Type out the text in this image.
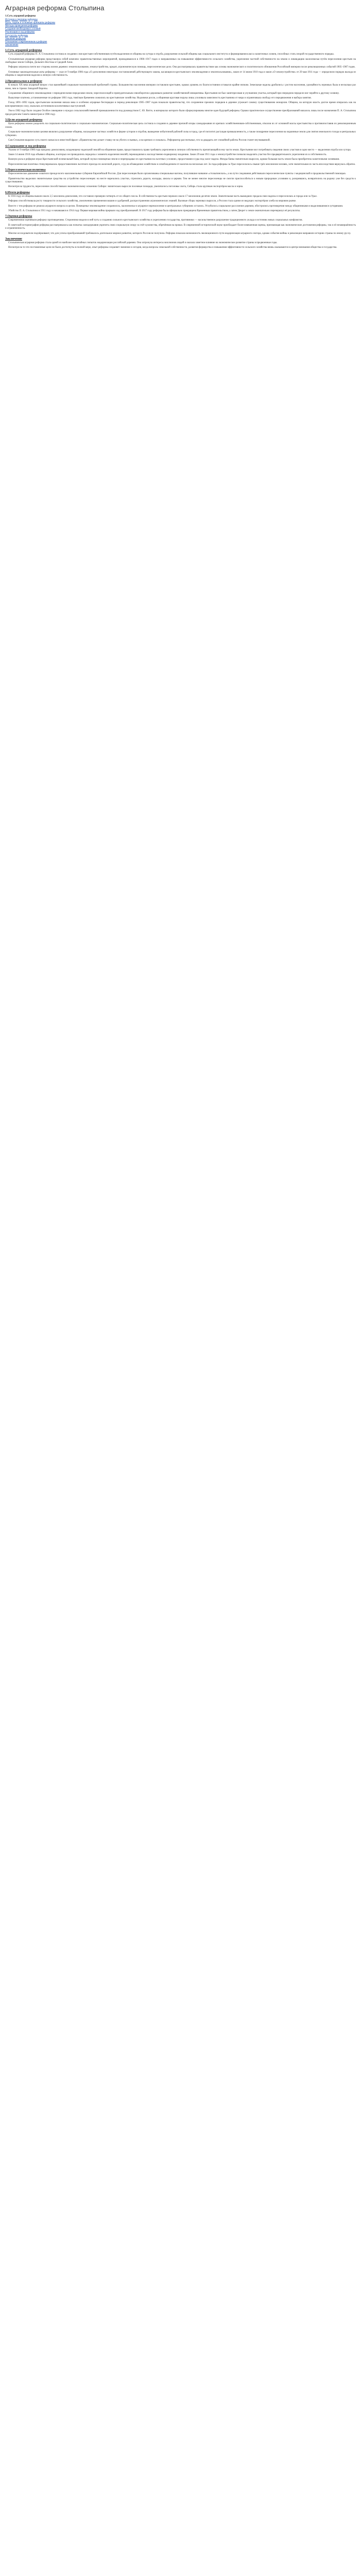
Аграрная реформа Столыпина
1.Суть аграрной реформы
История и причины реформы
Цели, задачи и основные принципы реформы
Методы проведения реформы
Создание необходимых условий
Реализация и ход реформы
Результаты реформы
Значение реформы
Отношение современников к реформе
Заключение
1.Суть аграрной реформы

Суть аграрной реформы П. А. Столыпина состояла в создании слоя крестьян-собственников путём выделения из общины на хутора и отруба, разрушения сельской общины как социального института и формирования класса зажиточных хозяев, способных стать опорой государственного порядка.

Столыпинская аграрная реформа представляла собой комплекс правительственных мероприятий, проводившихся в 1906–1917 годах и направленных на повышение эффективности сельского хозяйства, укрепление частной собственности на землю и ликвидацию малоземелья путём переселения крестьян на свободные земли Сибири, Дальнего Востока и Средней Азии.

Реформа затронула почти все стороны жизни деревни: землепользование, землеустройство, кредит, агрономическую помощь, переселенческое дело. Она рассматривалась правительством как основа экономического и политического обновления Российской империи после революционных событий 1905–1907 годов.

Основные законодательные акты реформы — указ от 9 ноября 1906 года «О дополнении некоторых постановлений действующего закона, касающихся крестьянского землевладения и землепользования», закон от 14 июня 1910 года и закон «О землеустройстве» от 29 мая 1911 года — определили порядок выхода из общины и закрепления наделов в личную собственность.

2.Предпосылки к реформе

К началу XX века аграрный вопрос стал важнейшей социально-экономической проблемой страны. Большинство населения империи составляли крестьяне, однако уровень их благосостояния оставался крайне низким. Земельные наделы дробились с ростом населения, урожайность зерновых была в несколько раз ниже, чем в странах Западной Европы.

Сохранение общинного землевладения с периодическими переделами земли, чересполосицей и принудительным севооборотом сдерживало развитие хозяйственной инициативы. Крестьянин не был заинтересован в улучшении участка, который при очередном переделе мог перейти к другому хозяину.

Выкупные платежи, установленные по реформе 1861 года, тяжёлым бременем ложились на крестьянские хозяйства. Недоимки росли, а общинная круговая порука лишь усиливала зависимость крестьянина от мира и ограничивала свободу его передвижения и выбора занятия.

Голод 1891–1892 годов, крестьянские волнения начала века и особенно аграрные беспорядки в период революции 1905–1907 годов показали правительству, что сохранение прежних порядков в деревне угрожает самому существованию монархии. Община, на которую власть долгое время опиралась как на консервативную силу, оказалась источником коллективных выступлений.

Уже в 1902 году было создано Особое совещание о нуждах сельскохозяйственной промышленности под руководством С. Ю. Витте, в материалах которого были сформулированы многие идеи будущей реформы. Однако практическое осуществление преобразований началось лишь после назначения П. А. Столыпина председателем Совета министров в 1906 году.

3.Цели аграрной реформы

Цели реформы можно разделить на социально-политические и социально-экономические. Социально-политическая цель состояла в создании в деревне прочной опоры самодержавия из крепких хозяйственников-собственников, отколов их от основной массы крестьянства и противопоставив их революционным силам.

Социально-экономическими целями являлись разрушение общины, насаждение частных хозяйств в форме хуторов и отрубов, выведение избыточной рабочей силы в город, где её поглотит растущая промышленность, а также поощрение переселения на окраинные земли для снятия земельного голода в центральных губерниях.

Сам Столыпин выразил суть своего замысла в известной фразе: «Правительство делает ставку не на убогих и пьяных, а на крепких и сильных». Реформатор рассчитывал, что за двадцать лет спокойной работы Россия станет неузнаваемой.

4.Содержание и ход реформы

Указом от 9 ноября 1906 года каждому домохозяину, владеющему надельной землёй на общинном праве, предоставлялось право требовать укрепления в личную собственность причитающейся ему части земли. Крестьянин мог потребовать сведения своих участков в одно место — выделения отруба или хутора.

Закон 14 июня 1910 года объявил общины, в которых не проводились переделы с момента наделения землёй, перешедшими к наследственно-подворному владению. Закон 29 мая 1911 года о землеустройстве позволил выделять участки без предварительного укрепления их в собственность.

Важную роль в реформе играл Крестьянский поземельный банк, который скупал помещичьи земли и перепродавал их крестьянам на льготных условиях, предоставляя ссуды под залог надела. Фонды банка значительно выросли, однако большая часть земли была приобретена зажиточными хозяевами.

Переселенческая политика стимулировалась предоставлением льготного проезда по железной дороге, ссуд на обзаведение хозяйством и освобождением от налогов на несколько лет. За годы реформы за Урал переселилось свыше трёх миллионов человек, хотя значительная их часть впоследствии вернулась обратно.

5.Переселенческая политика

Переселенческое движение охватило прежде всего малоземельные губернии Европейской России. Для переселенцев были организованы специальные вагоны, получившие название «столыпинских», а на пути следования действовали переселенческие пункты с медицинской и продовольственной помощью.

Правительство выделяло значительные средства на устройство переселенцев: на месте нарезались участки, строились дороги, колодцы, школы и церкви. Тем не менее многие переселенцы не смогли приспособиться к новым природным условиям и, разорившись, возвратились на родину уже без средств к существованию.

Несмотря на трудности, переселение способствовало экономическому освоению Сибири: значительно выросли посевные площади, увеличилось поголовье скота, Сибирь стала крупным экспортёром масла и зерна.

6.Итоги реформы

К 1916 году из общины вышли около 2,5 миллиона домохозяев, что составило примерно четверть от их общего числа. В собственность крестьян перешло около 17 миллионов десятин земли. Значительная часть вышедших продала свои наделы и переселилась в города или за Урал.

Реформа способствовала росту товарности сельского хозяйства, увеличению применения машин и удобрений, распространению агрономических знаний. Валовые сборы зерновых выросли, а Россия стала одним из ведущих экспортёров хлеба на мировом рынке.

Вместе с тем реформа не решила аграрного вопроса в целом. Помещичье землевладение сохранилось, малоземелье и аграрное перенаселение в центральных губерниях остались. Углубилось социальное расслоение деревни, обострились противоречия между общинниками и выделившимися хуторянами.

Убийство П. А. Столыпина в 1911 году и начавшаяся в 1914 году Первая мировая война прервали ход преобразований. В 1917 году реформа была официально прекращена Временным правительством, а затем Декрет о земле окончательно перечеркнул её результаты.

7.Оценки реформы

Современники оценивали реформу противоречиво. Сторонники видели в ней путь к созданию сильного крестьянского хозяйства и укреплению государства, противники — насильственное разрушение традиционного уклада и источник новых социальных конфликтов.

В советской историографии реформа рассматривалась как попытка самодержавия укрепить свою социальную опору за счёт кулачества, обречённая на провал. В современной исторической науке преобладает более взвешенная оценка, признающая как экономические достижения реформы, так и её незавершённость и ограниченность.

Многие исследователи подчёркивают, что для успеха преобразований требовалось длительное мирное развитие, которого Россия не получила. Реформа показала возможность эволюционного пути модернизации аграрного сектора, однако события войны и революции направили историю страны по иному руслу.

Заключение

Столыпинская аграрная реформа стала одной из наиболее масштабных попыток модернизации российской деревни. Она затронула интересы миллионов людей и оказала заметное влияние на экономическое развитие страны в предвоенные годы.

Несмотря на то что поставленные цели не были достигнуты в полной мере, опыт реформы сохраняет значение и сегодня, когда вопросы земельной собственности, развития фермерства и повышения эффективности сельского хозяйства вновь оказываются в центре внимания общества и государства.
